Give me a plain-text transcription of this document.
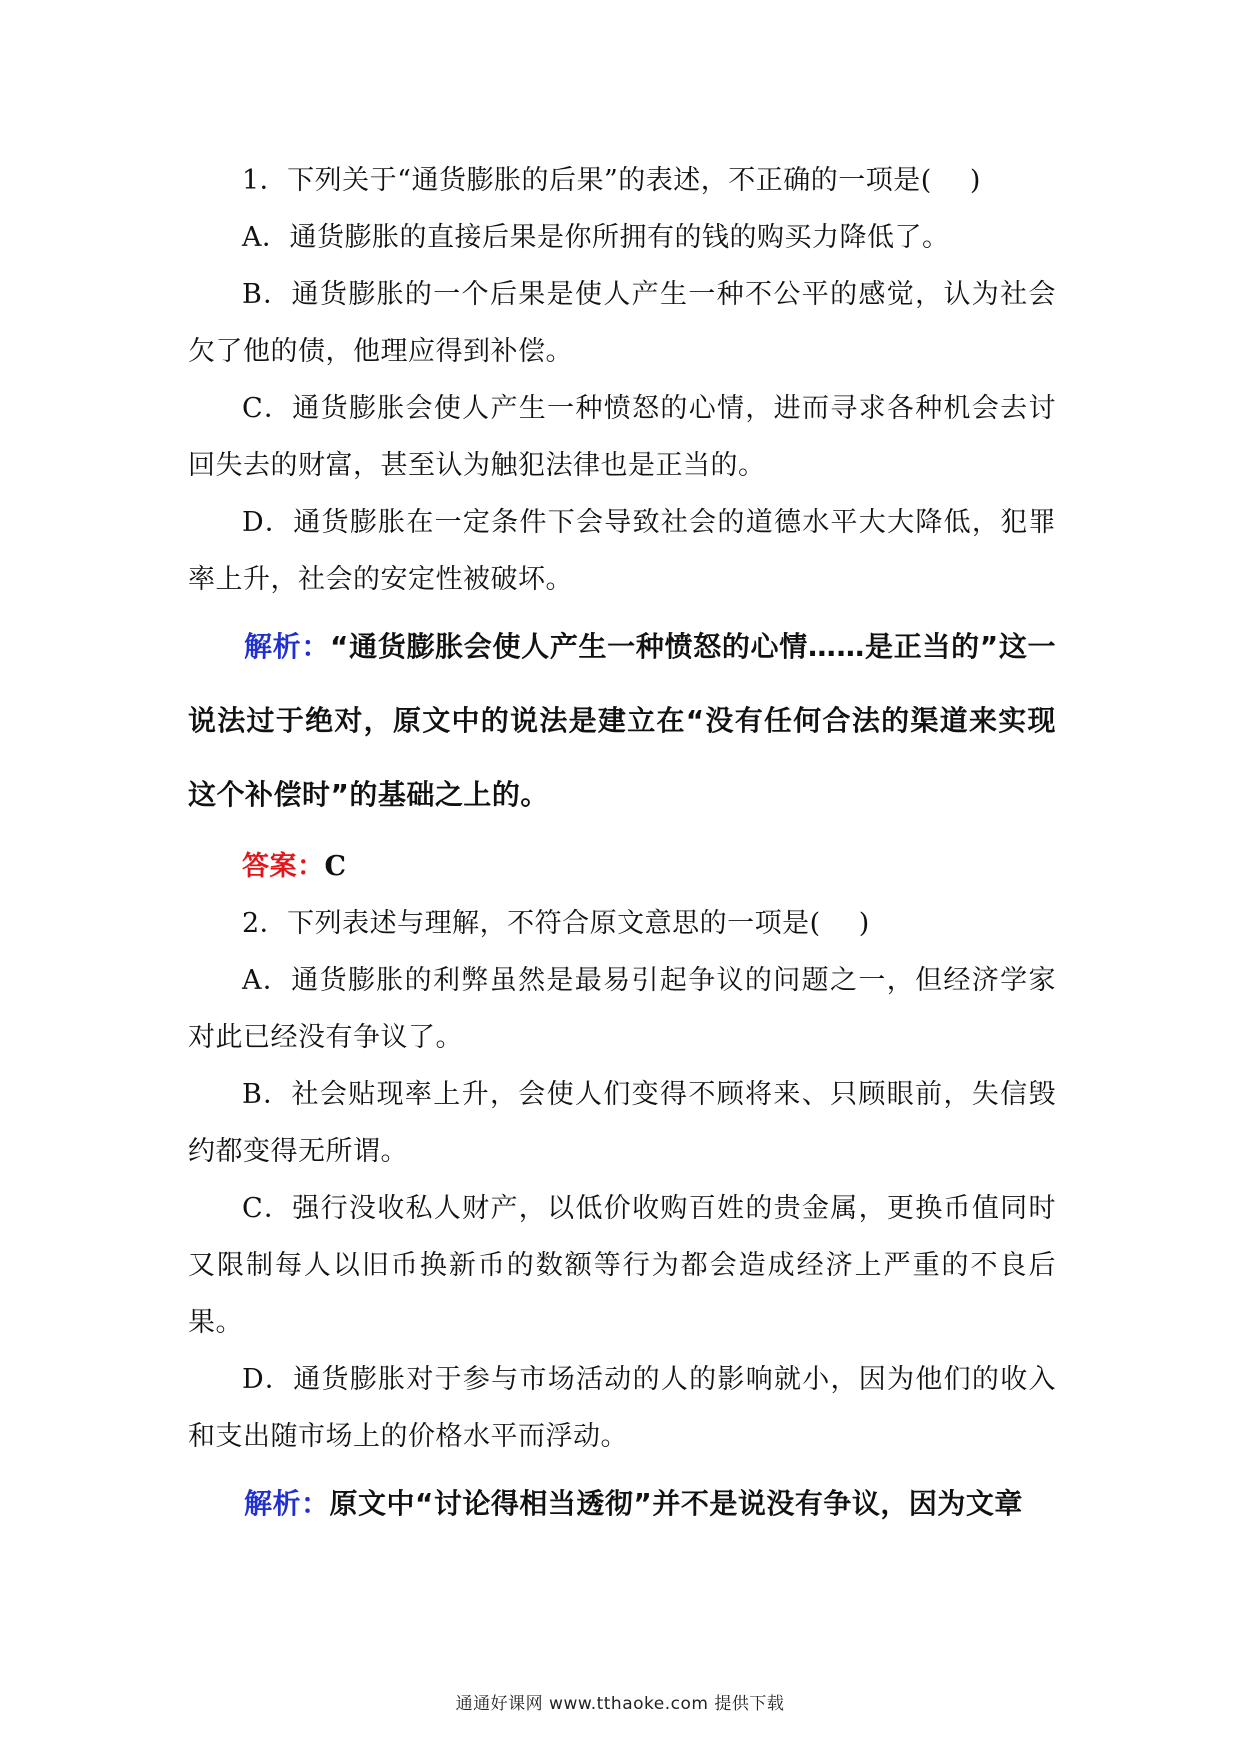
1．下列关于“通货膨胀的后果”的表述，不正确的一项是( )

A．通货膨胀的直接后果是你所拥有的钱的购买力降低了。

B．通货膨胀的一个后果是使人产生一种不公平的感觉，认为社会欠了他的债，他理应得到补偿。

C．通货膨胀会使人产生一种愤怒的心情，进而寻求各种机会去讨回失去的财富，甚至认为触犯法律也是正当的。

D．通货膨胀在一定条件下会导致社会的道德水平大大降低，犯罪率上升，社会的安定性被破坏。

解析：“通货膨胀会使人产生一种愤怒的心情……是正当的”这一说法过于绝对，原文中的说法是建立在“没有任何合法的渠道来实现这个补偿时”的基础之上的。

答案：C

2．下列表述与理解，不符合原文意思的一项是( )

A．通货膨胀的利弊虽然是最易引起争议的问题之一，但经济学家对此已经没有争议了。

B．社会贴现率上升，会使人们变得不顾将来、只顾眼前，失信毁约都变得无所谓。

C．强行没收私人财产，以低价收购百姓的贵金属，更换币值同时又限制每人以旧币换新币的数额等行为都会造成经济上严重的不良后果。

D．通货膨胀对于参与市场活动的人的影响就小，因为他们的收入和支出随市场上的价格水平而浮动。

解析：原文中“讨论得相当透彻”并不是说没有争议，因为文章

通通好课网 www.tthaoke.com 提供下载
